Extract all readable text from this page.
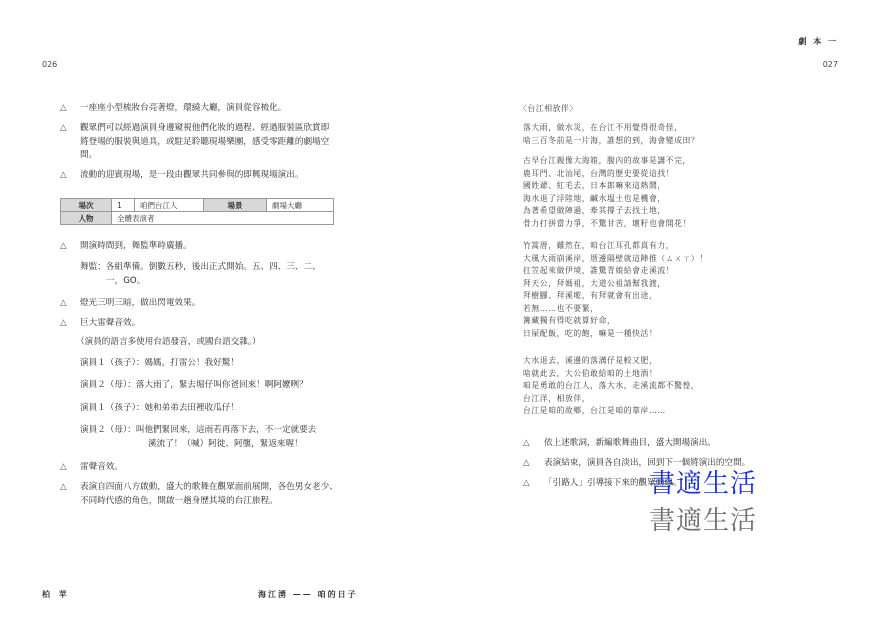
026
△ 一座座小型梳妝台亮著燈，環繞大廳，演員從容梳化。
△ 觀眾們可以經過演員身邊窺視他們化妝的過程、經過服裝區欣賞即
將登場的服裝與道具，或駐足聆聽現場樂團，感受零距離的劇場空
間。
△ 流動的迎賓現場，是一段由觀眾共同參與的即興現場演出。
場次	1	咱們台江人	場景	劇場大廳
人物	全體表演者			
△ 開演時間到，舞監準時廣播。
舞監：各組準備。倒數五秒，後出正式開始。五、四、三、二、
一，GO。
△ 燈光三明三暗，做出閃電效果。
△ 巨大雷聲音效。
（演員的語言多使用台語發音，或國台語交雜。）
演員１（孩子）：媽媽，打雷公！我好驚！
演員２（母）：落大雨了，緊去堀仔叫你爸回來！啊阿嬤咧？
演員１（孩子）：她和弟弟去田裡收瓜仔！
演員２（母）：叫他們緊回來，這雨若再落下去，不一定就要去
溪流了！（喊）阿徙、阿壟，緊返來喔！
△ 雷聲音效。
△ 表演自四面八方啟動，盛大的歌舞在觀眾面前展開，各色男女老少、
不同時代感的角色，開啟一趟身歷其境的台江旅程。
柏 苹
劇 本 一
027
海江湧 —— 咱的日子
〈台江相放伴〉
落大雨，做水災，在台江不用覺得很奇怪，
啥三百冬前是一片海，誰想的到，海會變成田？
古早台江親像大海箱，腹內的故事是講不完，
鹿耳門、北汕尾，台灣的歷史要從這找！
國姓爺、紅毛去，日本郎嘛來這熱鬧，
海水退了浮陸地，鹹水塭土也是機會，
為著希望做陣過，牽其撐子去找土地，
骨力打拼當力爭，不驚甘苦，壞籽也會開花！
竹篙厝，雖然在，咱台江耳孔都真有力，
大風大雨崩溪岸，厝邊隔壁就這陣推（ㄙㄨㄚ）！
扛笠起來做伊境，誰驚青娘給會走溪流！
拜天公，拜媽祖，大道公祖請幫我渡，
拜樹腳、拜溪墘，有拜就會有出途，
若無……也不要緊，
篝藏獨有得吃就算好命，
日屎配飯，吃的飽，嘛是一種快活！
大水退去，溪邊的落溝仔是較又肥，
啥就此去，大公伯敢給咱的土地酒！
咱是勇敢的台江人，落大水，走溪流都不驚惶，
台江洋，相放伴，
台江是咱的故鄉，台江是咱的靠岸……
△ 依上述歌詞，新編歌舞曲目，盛大開場演出。
△ 表演結束，演員各自淡出，回到下一個將演出的空間。
△ 「引路人」引導接下來的觀眾動線。
書適生活
書適生活
